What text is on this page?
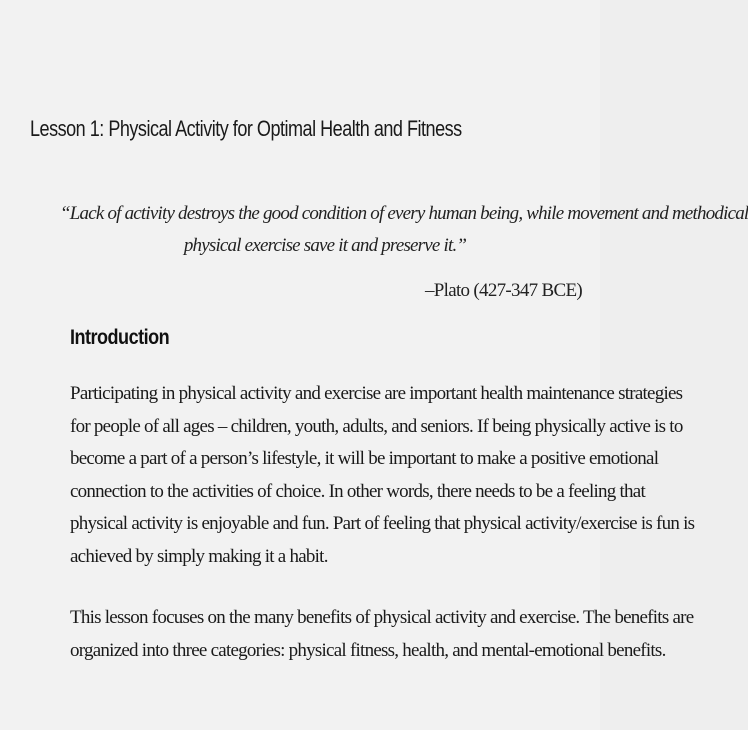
Lesson 1: Physical Activity for Optimal Health and Fitness
“Lack of activity destroys the good condition of every human being, while movement and methodical
physical exercise save it and preserve it.”
–Plato (427-347 BCE)
Introduction
Participating in physical activity and exercise are important health maintenance strategies
for people of all ages – children, youth, adults, and seniors. If being physically active is to
become a part of a person’s lifestyle, it will be important to make a positive emotional
connection to the activities of choice. In other words, there needs to be a feeling that
physical activity is enjoyable and fun. Part of feeling that physical activity/exercise is fun is
achieved by simply making it a habit.
This lesson focuses on the many benefits of physical activity and exercise. The benefits are
organized into three categories: physical fitness, health, and mental-emotional benefits.
